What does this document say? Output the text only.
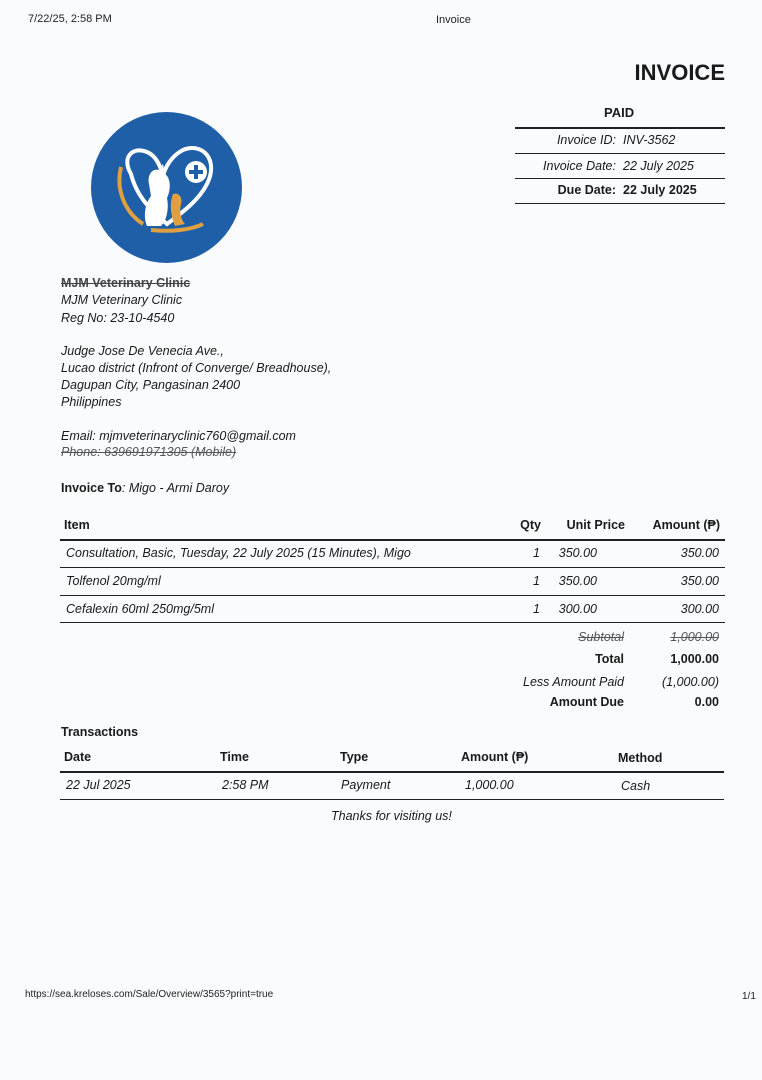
7/22/25, 2:58 PM	Invoice
INVOICE
PAID
Invoice ID: INV-3562
Invoice Date: 22 July 2025
Due Date: 22 July 2025
MJM Veterinary Clinic
MJM Veterinary Clinic
Reg No: 23-10-4540
Judge Jose De Venecia Ave.,
Lucao district (Infront of Converge/ Breadhouse),
Dagupan City, Pangasinan 2400
Philippines
Email: mjmveterinaryclinic760@gmail.com
Phone: 639691971305 (Mobile)
Invoice To: Migo - Armi Daroy
Item	Qty	Unit Price	Amount (₱)
Consultation, Basic, Tuesday, 22 July 2025 (15 Minutes), Migo	1	350.00	350.00
Tolfenol 20mg/ml	1	350.00	350.00
Cefalexin 60ml 250mg/5ml	1	300.00	300.00
Subtotal	1,000.00
Total	1,000.00
Less Amount Paid	(1,000.00)
Amount Due	0.00
Transactions
Date	Time	Type	Amount (₱)	Method
22 Jul 2025	2:58 PM	Payment	1,000.00	Cash
Thanks for visiting us!
https://sea.kreloses.com/Sale/Overview/3565?print=true	1/1
